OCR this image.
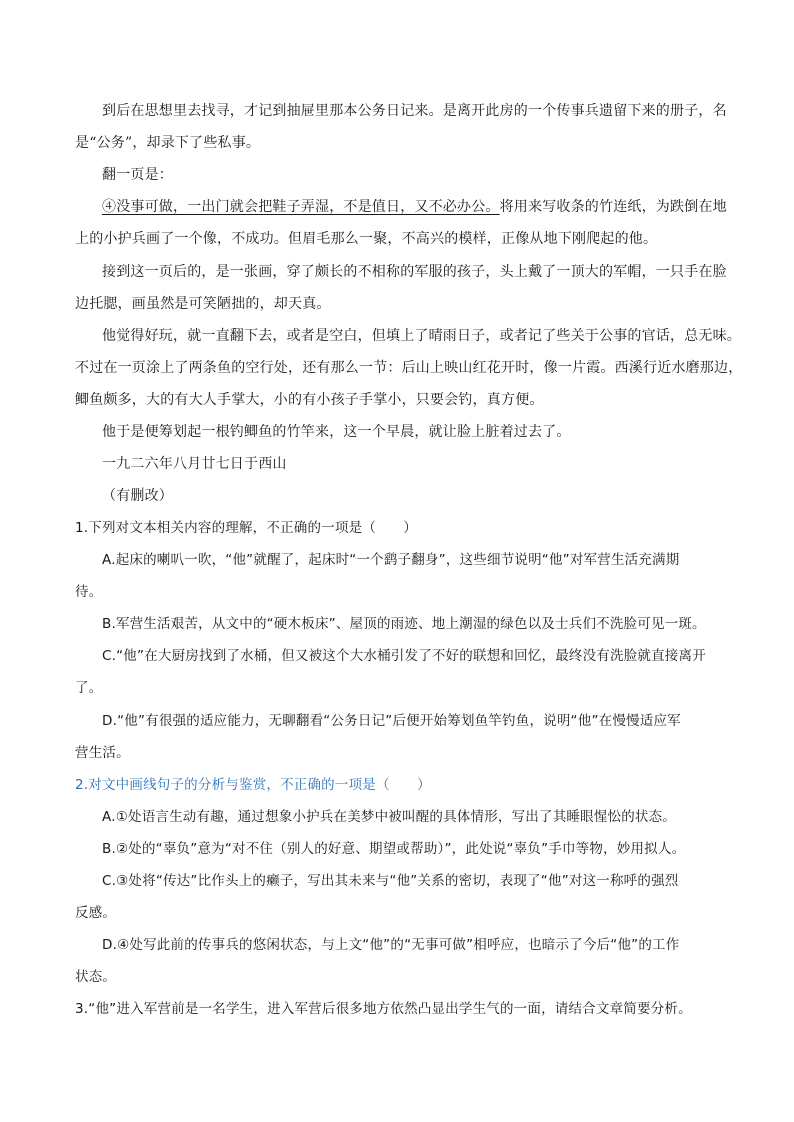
到后在思想里去找寻，才记到抽屉里那本公务日记来。是离开此房的一个传事兵遗留下来的册子，名
是“公务”，却录下了些私事。
翻一页是：
④没事可做，一出门就会把鞋子弄湿，不是值日，又不必办公。将用来写收条的竹连纸，为跌倒在地
上的小护兵画了一个像，不成功。但眉毛那么一聚，不高兴的模样，正像从地下刚爬起的他。
接到这一页后的，是一张画，穿了颇长的不相称的军服的孩子，头上戴了一顶大的军帽，一只手在脸
边托腮，画虽然是可笑陋拙的，却天真。
他觉得好玩，就一直翻下去，或者是空白，但填上了晴雨日子，或者记了些关于公事的官话，总无味。
不过在一页涂上了两条鱼的空行处，还有那么一节：后山上映山红花开时，像一片霞。西溪行近水磨那边，
鲫鱼颇多，大的有大人手掌大，小的有小孩子手掌小，只要会钓，真方便。
他于是便筹划起一根钓鲫鱼的竹竿来，这一个早晨，就让脸上脏着过去了。
一九二六年八月廿七日于西山
（有删改）
1.下列对文本相关内容的理解，不正确的一项是（　　）
A.起床的喇叭一吹，“他”就醒了，起床时“一个鹞子翻身”，这些细节说明“他”对军营生活充满期
待。
B.军营生活艰苦，从文中的“硬木板床”、屋顶的雨迹、地上潮湿的绿色以及士兵们不洗脸可见一斑。
C.“他”在大厨房找到了水桶，但又被这个大水桶引发了不好的联想和回忆，最终没有洗脸就直接离开
了。
D.“他”有很强的适应能力，无聊翻看“公务日记”后便开始筹划鱼竿钓鱼，说明“他”在慢慢适应军
营生活。
2.对文中画线句子的分析与鉴赏，不正确的一项是（　　）
A.①处语言生动有趣，通过想象小护兵在美梦中被叫醒的具体情形，写出了其睡眼惺忪的状态。
B.②处的“辜负”意为“对不住（别人的好意、期望或帮助）”，此处说“辜负”手巾等物，妙用拟人。
C.③处将“传达”比作头上的癞子，写出其未来与“他”关系的密切，表现了“他”对这一称呼的强烈
反感。
D.④处写此前的传事兵的悠闲状态，与上文“他”的“无事可做”相呼应，也暗示了今后“他”的工作
状态。
3.“他”进入军营前是一名学生，进入军营后很多地方依然凸显出学生气的一面，请结合文章简要分析。
